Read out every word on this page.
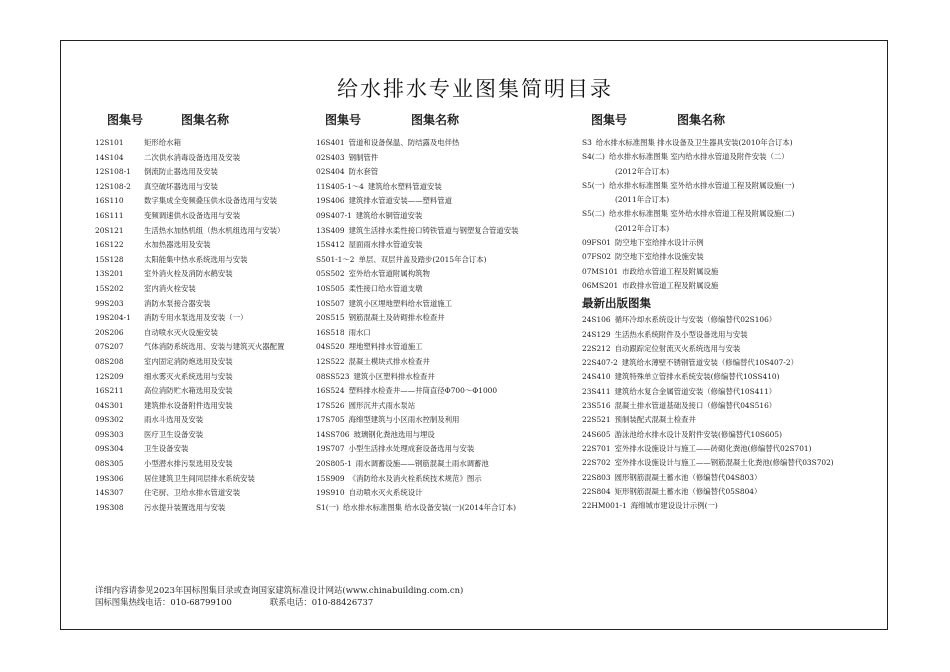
给水排水专业图集简明目录
图集号	图集名称	图集号	图集名称	图集号	图集名称
12S101	矩形给水箱
14S104	二次供水消毒设备选用及安装
12S108-1 倒流防止器选用及安装
12S108-2 真空破坏器选用与安装
16S110	数字集成全变频叠压供水设备选用与安装
16S111	变频调速供水设备选用与安装
20S121	生活热水加热机组（热水机组选用与安装）
16S122	水加热器选用及安装
15S128	太阳能集中热水系统选用与安装
13S201	室外消火栓及消防水鹤安装
15S202	室内消火栓安装
99S203	消防水泵接合器安装
19S204-1 消防专用水泵选用及安装（一）
20S206	自动喷水灭火设施安装
07S207	气体消防系统选用、安装与建筑灭火器配置
08S208	室内固定消防炮选用及安装
12S209	细水雾灭火系统选用与安装
16S211	高位消防贮水箱选用及安装
04S301	建筑排水设备附件选用安装
09S302	雨水斗选用及安装
09S303	医疗卫生设备安装
09S304	卫生设备安装
08S305	小型潜水排污泵选用及安装
19S306	居住建筑卫生间同层排水系统安装
14S307	住宅厨、卫给水排水管道安装
19S308	污水提升装置选用与安装
16S401 管道和设备保温、防结露及电伴热
02S403 钢制管件
02S404 防水套管
11S405-1～4 建筑给水塑料管道安装
19S406 建筑排水管道安装——塑料管道
09S407-1 建筑给水铜管道安装
13S409 建筑生活排水柔性接口铸铁管道与钢塑复合管道安装
15S412 屋面雨水排水管道安装
S501-1～2 单层、双层井盖及踏步(2015年合订本)
05S502 室外给水管道附属构筑物
10S505 柔性接口给水管道支墩
10S507 建筑小区埋地塑料给水管道施工
20S515 钢筋混凝土及砖砌排水检查井
16S518 雨水口
04S520 埋地塑料排水管道施工
12S522 混凝土模块式排水检查井
08SS523 建筑小区塑料排水检查井
16S524 塑料排水检查井——井筒直径Φ700～Φ1000
17S526 圆形沉井式雨水泵站
17S705 海绵型建筑与小区雨水控制及利用
14SS706 玻璃钢化粪池选用与埋设
19S707 小型生活排水处理成套设备选用与安装
20S805-1 雨水调蓄设施——钢筋混凝土雨水调蓄池
15S909 《消防给水及消火栓系统技术规范》图示
19S910 自动喷水灭火系统设计
S1(一) 给水排水标准图集 给水设备安装(一)(2014年合订本)
S3 给水排水标准图集 排水设备及卫生器具安装(2010年合订本)
S4(二) 给水排水标准图集 室内给水排水管道及附件安装（二）
(2012年合订本)
S5(一) 给水排水标准图集 室外给水排水管道工程及附属设施(一)
(2011年合订本)
S5(二) 给水排水标准图集 室外给水排水管道工程及附属设施(二)
(2012年合订本)
09FS01 防空地下室给排水设计示例
07FS02 防空地下室给排水设施安装
07MS101 市政给水管道工程及附属设施
06MS201 市政排水管道工程及附属设施
最新出版图集
24S106 循环冷却水系统设计与安装（修编替代02S106）
24S129 生活热水系统附件及小型设备选用与安装
22S212 自动跟踪定位射流灭火系统选用与安装
22S407-2 建筑给水薄壁不锈钢管道安装（修编替代10S407-2）
24S410 建筑特殊单立管排水系统安装(修编替代10SS410)
23S411 建筑给水复合金属管道安装（修编替代10S411）
23S516 混凝土排水管道基础及接口（修编替代04S516）
22S521 预制装配式混凝土检查井
24S605 游泳池给水排水设计及附件安装(修编替代10S605)
22S701 室外排水设施设计与施工——砖砌化粪池(修编替代02S701)
22S702 室外排水设施设计与施工——钢筋混凝土化粪池(修编替代03S702)
22S803 圆形钢筋混凝土蓄水池（修编替代04S803）
22S804 矩形钢筋混凝土蓄水池（修编替代05S804）
22HM001-1 海绵城市建设设计示例(一)
详细内容请参见2023年国标图集目录或查询国家建筑标准设计网站(www.chinabuilding.com.cn)
国标图集热线电话：010-68799100	联系电话：010-88426737
